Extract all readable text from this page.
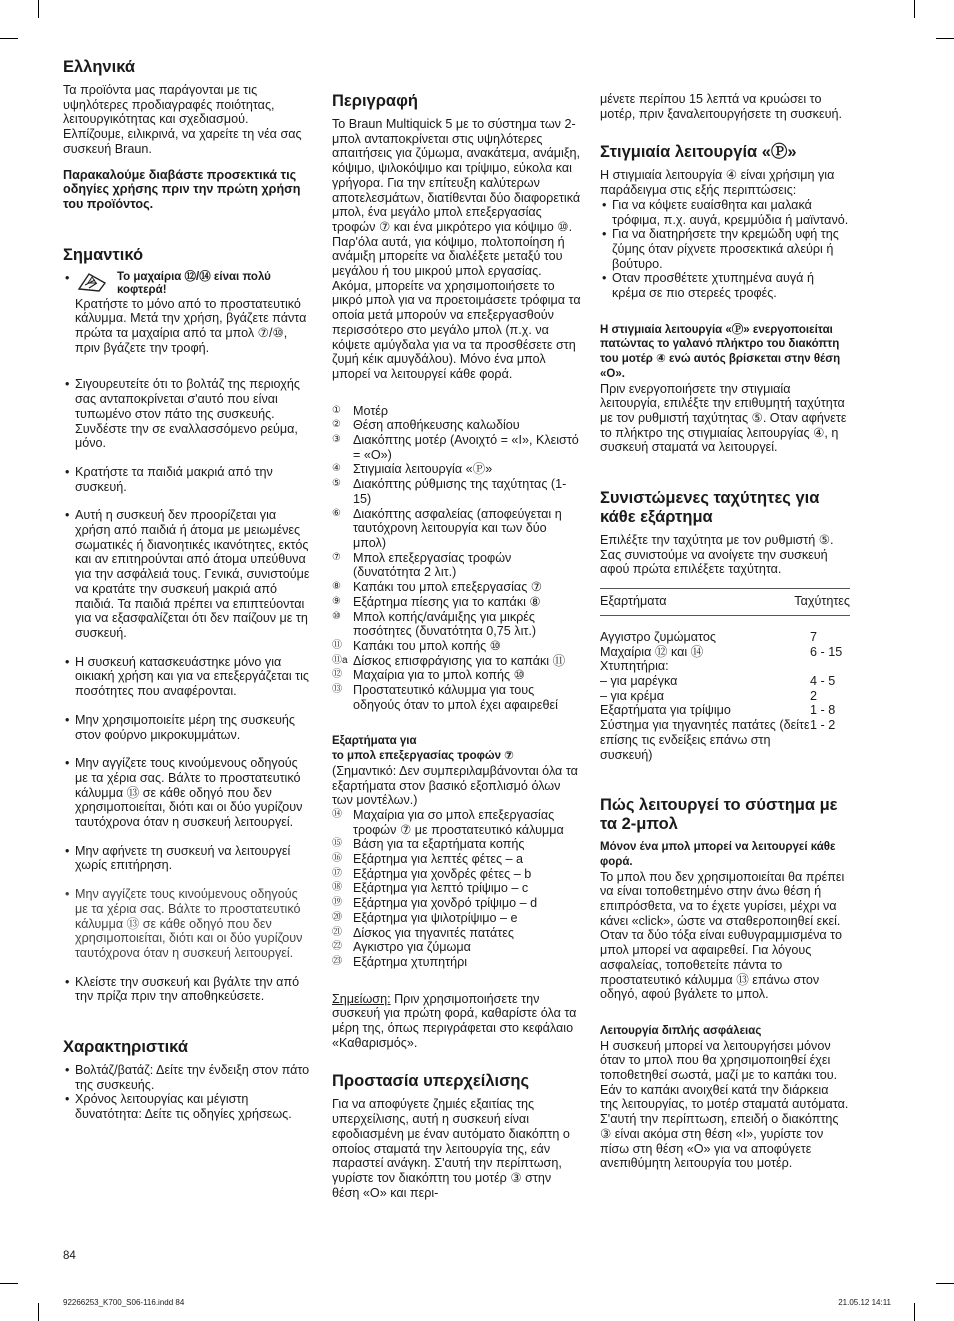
Ελληνικά

Τα προϊόντα μας παράγονται με τις υψηλότερες προδιαγραφές ποιότητας, λειτουργικότητας και σχεδιασμού. Ελπίζουμε, ειλικρινά, να χαρείτε τη νέα σας συσκευή Braun.

Παρακαλούμε διαβάστε προσεκτικά τις οδηγίες χρήσης πριν την πρώτη χρήση του προϊόντος.

Σημαντικό
•	! Το μαχαίρια ⑫/⑭ είναι πολύ κοφτερά!

Κρατήστε το μόνο από το προστατευτικό κάλυμμα. Μετά την χρήση, βγάζετε πάντα πρώτα τα μαχαίρια από τα μπολ ⑦/⑩, πριν βγάζετε την τροφή.

• Σιγουρευτείτε ότι το βολτάζ της περιοχής σας ανταποκρίνεται σ'αυτό που είναι τυπωμένο στον πάτο της συσκευής. Συνδέστε την σε εναλλασσόμενο ρεύμα, μόνο.
• Κρατήστε τα παιδιά μακριά από την συσκευή.
• Αυτή η συσκευή δεν προορίζεται για χρήση από παιδιά ή άτομα με μειωμένες σωματικές ή διανοητικές ικανότητες, εκτός και αν επιτηρούνται από άτομα υπεύθυνα για την ασφάλειά τους. Γενικά, συνιστούμε να κρατάτε την συσκευή μακριά από παιδιά. Τα παιδιά πρέπει να επιπτεύονται για να εξασφαλίζεται ότι δεν παίζουν με τη συσκευή.
• Η συσκευή κατασκευάστηκε μόνο για οικιακή χρήση και για να επεξεργάζεται τις ποσότητες που αναφέρονται.
• Μην χρησιμοποιείτε μέρη της συσκευής στον φούρνο μικροκυμμάτων.
• Μην αγγίζετε τους κινούμενους οδηγούς με τα χέρια σας. Βάλτε το προστατευτικό κάλυμμα ⑬ σε κάθε οδηγό που δεν χρησιμοποιείται, διότι και οι δύο γυρίζουν ταυτόχρονα όταν η συσκευή λειτουργεί.
• Μην αφήνετε τη συσκευή να λειτουργεί χωρίς επιτήρηση.
• Μην αγγίζετε τους κινούμενους οδηγούς με τα χέρια σας. Βάλτε το προστατευτικό κάλυμμα ⑬ σε κάθε οδηγό που δεν χρησιμοποιείται, διότι και οι δύο γυρίζουν ταυτόχρονα όταν η συσκευή λειτουργεί.
• Κλείστε την συσκευή και βγάλτε την από την πρίζα πριν την αποθηκεύσετε.
Χαρακτηριστικά
• Βολτάζ/βατάζ: Δείτε την ένδειξη στον πάτο της συσκευής.
• Χρόνος λειτουργίας και μέγιστη δυνατότητα: Δείτε τις οδηγίες χρήσεως.
Περιγραφή

Το Braun Multiquick 5 με το σύστημα των 2-μπολ ανταποκρίνεται στις υψηλότερες απαιτήσεις για ζύμωμα, ανακάτεμα, ανάμιξη, κόψιμο, ψιλοκόψιμο και τρίψιμο, εύκολα και γρήγορα. Για την επίτευξη καλύτερων αποτελεσμάτων, διατίθενται δύο διαφορετικά μπολ, ένα μεγάλο μπολ επεξεργασίας τροφών ⑦ και ένα μικρότερο για κόψιμο ⑩.

Παρ'όλα αυτά, για κόψιμο, πολτοποίηση ή ανάμιξη μπορείτε να διαλέξετε μεταξύ του μεγάλου ή του μικρού μπολ εργασίας. Ακόμα, μπορείτε να χρησιμοποιήσετε το μικρό μπολ για να προετοιμάσετε τρόφιμα τα οποία μετά μπορούν να επεξεργασθούν περισσότερο στο μεγάλο μπολ (π.χ. να κόψετε αμύγδαλα για να τα προσθέσετε στη ζυμή κέικ αμυγδάλου). Μόνο ένα μπολ μπορεί να λειτουργεί κάθε φορά.

① Μοτέρ
② Θέση αποθήκευσης καλωδίου
③ Διακόπτης μοτέρ (Ανοιχτό = «I», Κλειστό = «O»)
④ Στιγμιαία λειτουργία «Ⓟ»
⑤ Διακόπτης ρύθμισης της ταχύτητας (1-15)
⑥ Διακόπτης ασφαλείας (αποφεύγεται η ταυτόχρονη λειτουργία και των δύο μπολ)
⑦ Μπολ επεξεργασίας τροφών (δυνατότητα 2 λιτ.)
⑧ Καπάκι του μπολ επεξεργασίας ⑦
⑨ Εξάρτημα πίεσης για το καπάκι ⑧
⑩ Μπολ κοπής/ανάμιξης για μικρές ποσότητες (δυνατότητα 0,75 λιτ.)
⑪ Καπάκι του μπολ κοπής ⑩
⑪a Δίσκος επισφράγισης για το καπάκι ⑪
⑫ Μαχαίρια για το μπολ κοπής ⑩
⑬ Προστατευτικό κάλυμμα για τους οδηγούς όταν το μπολ έχει αφαιρεθεί

Εξαρτήματα για

το μπολ επεξεργασίας τροφών ⑦

(Σημαντικό: Δεν συμπεριλαμβάνονται όλα τα εξαρτήματα στον βασικό εξοπλισμό όλων των μοντέλων.)

⑭ Μαχαίρια για σο μπολ επεξεργασίας τροφών ⑦ με προστατευτικό κάλυμμα
⑮ Βάση για τα εξαρτήματα κοπής
⑯ Εξάρτημα για λεπτές φέτες – a
⑰ Εξάρτημα για χονδρές φέτες – b
⑱ Εξάρτημα για λεπτό τρίψιμο – c
⑲ Εξάρτημα για χονδρό τρίψιμο – d
⑳ Εξάρτημα για ψιλοτρίψιμο – e
㉑ Δίσκος για τηγανιτές πατάτες
㉒ Αγκιστρο για ζύμωμα
㉓ Εξάρτημα χτυπητήρι

Σημείωση: Πριν χρησιμοποιήσετε την συσκευή για πρώτη φορά, καθαρίστε όλα τα μέρη της, όπως περιγράφεται στο κεφάλαιο «Καθαρισμός».

Προστασία υπερχείλισης

Για να αποφύγετε ζημιές εξαιτίας της υπερχείλισης, αυτή η συσκευή είναι εφοδιασμένη με έναν αυτόματο διακόπτη ο οποίος σταματά την λειτουργία της, εάν παραστεί ανάγκη. Σ'αυτή την περίπτωση, γυρίστε τον διακόπτη του μοτέρ ③ στην θέση «O» και περι-

μένετε περίπου 15 λεπτά να κρυώσει το μοτέρ, πριν ξαναλειτουργήσετε τη συσκευή.

Στιγμιαία λειτουργία «Ⓟ»

Η στιγμιαία λειτουργία ④ είναι χρήσιμη για παράδειγμα στις εξής περιπτώσεις:

• Για να κόψετε ευαίσθητα και μαλακά τρόφιμα, π.χ. αυγά, κρεμμύδια ή μαϊντανό.
• Για να διατηρήσετε την κρεμώδη υφή της ζύμης όταν ρίχνετε προσεκτικά αλεύρι ή βούτυρο.
• Οταν προσθέτετε χτυπημένα αυγά ή κρέμα σε πιο στερεές τροφές.

Η στιγμιαία λειτουργία «Ⓟ» ενεργοποιείται πατώντας το γαλανό πλήκτρο του διακόπτη του μοτέρ ④ ενώ αυτός βρίσκεται στην θέση «O».

Πριν ενεργοποιήσετε την στιγμιαία λειτουργία, επιλέξτε την επιθυμητή ταχύτητα με τον ρυθμιστή ταχύτητας ⑤. Οταν αφήνετε το πλήκτρο της στιγμιαίας λειτουργίας ④, η συσκευή σταματά να λειτουργεί.

Συνιστώμενες ταχύτητες για κάθε εξάρτημα

Επιλέξτε την ταχύτητα με τον ρυθμιστή ⑤. Σας συνιστούμε να ανοίγετε την συσκευή αφού πρώτα επιλέξετε ταχύτητα.

Εξαρτήματα	Ταχύτητες
Αγγιστρο ζυμώματος	7
Μαχαίρια ⑫ και ⑭	6 - 15
Χτυπητήρια:	
– για μαρέγκα	4 - 5
– για κρέμα	2
Εξαρτήματα για τρίψιμο	1 - 8
Σύστημα για τηγανητές πατάτες (δείτε επίσης τις ενδείξεις επάνω στη συσκευή)	1 - 2
Πώς λειτουργεί το σύστημα με τα 2-μπολ

Μόνον ένα μπολ μπορεί να λειτουργεί κάθε φορά.

Το μπολ που δεν χρησιμοποιείται θα πρέπει να είναι τοποθετημένο στην άνω θέση ή επιπρόσθετα, να το έχετε γυρίσει, μέχρι να κάνει «click», ώστε να σταθεροποιηθεί εκεί.

Οταν τα δύο τόξα είναι ευθυγραμμισμένα το μπολ μπορεί να αφαιρεθεί. Για λόγους ασφαλείας, τοποθετείτε πάντα το προστατευτικό κάλυμμα ⑬ επάνω στον οδηγό, αφού βγάλετε το μπολ.

Λειτουργία διπλής ασφάλειας

Η συσκευή μπορεί να λειτουργήσει μόνον όταν το μπολ που θα χρησιμοποιηθεί έχει τοποθετηθεί σωστά, μαζί με το καπάκι του. Εάν το καπάκι ανοιχθεί κατά την διάρκεια της λειτουργίας, το μοτέρ σταματά αυτόματα. Σ'αυτή την περίπτωση, επειδή ο διακόπτης ③ είναι ακόμα στη θέση «I», γυρίστε τον πίσω στη θέση «O» για να αποφύγετε ανεπιθύμητη λειτουργία του μοτέρ.

84
92266253_K700_S06-116.indd 84	21.05.12 14:11
